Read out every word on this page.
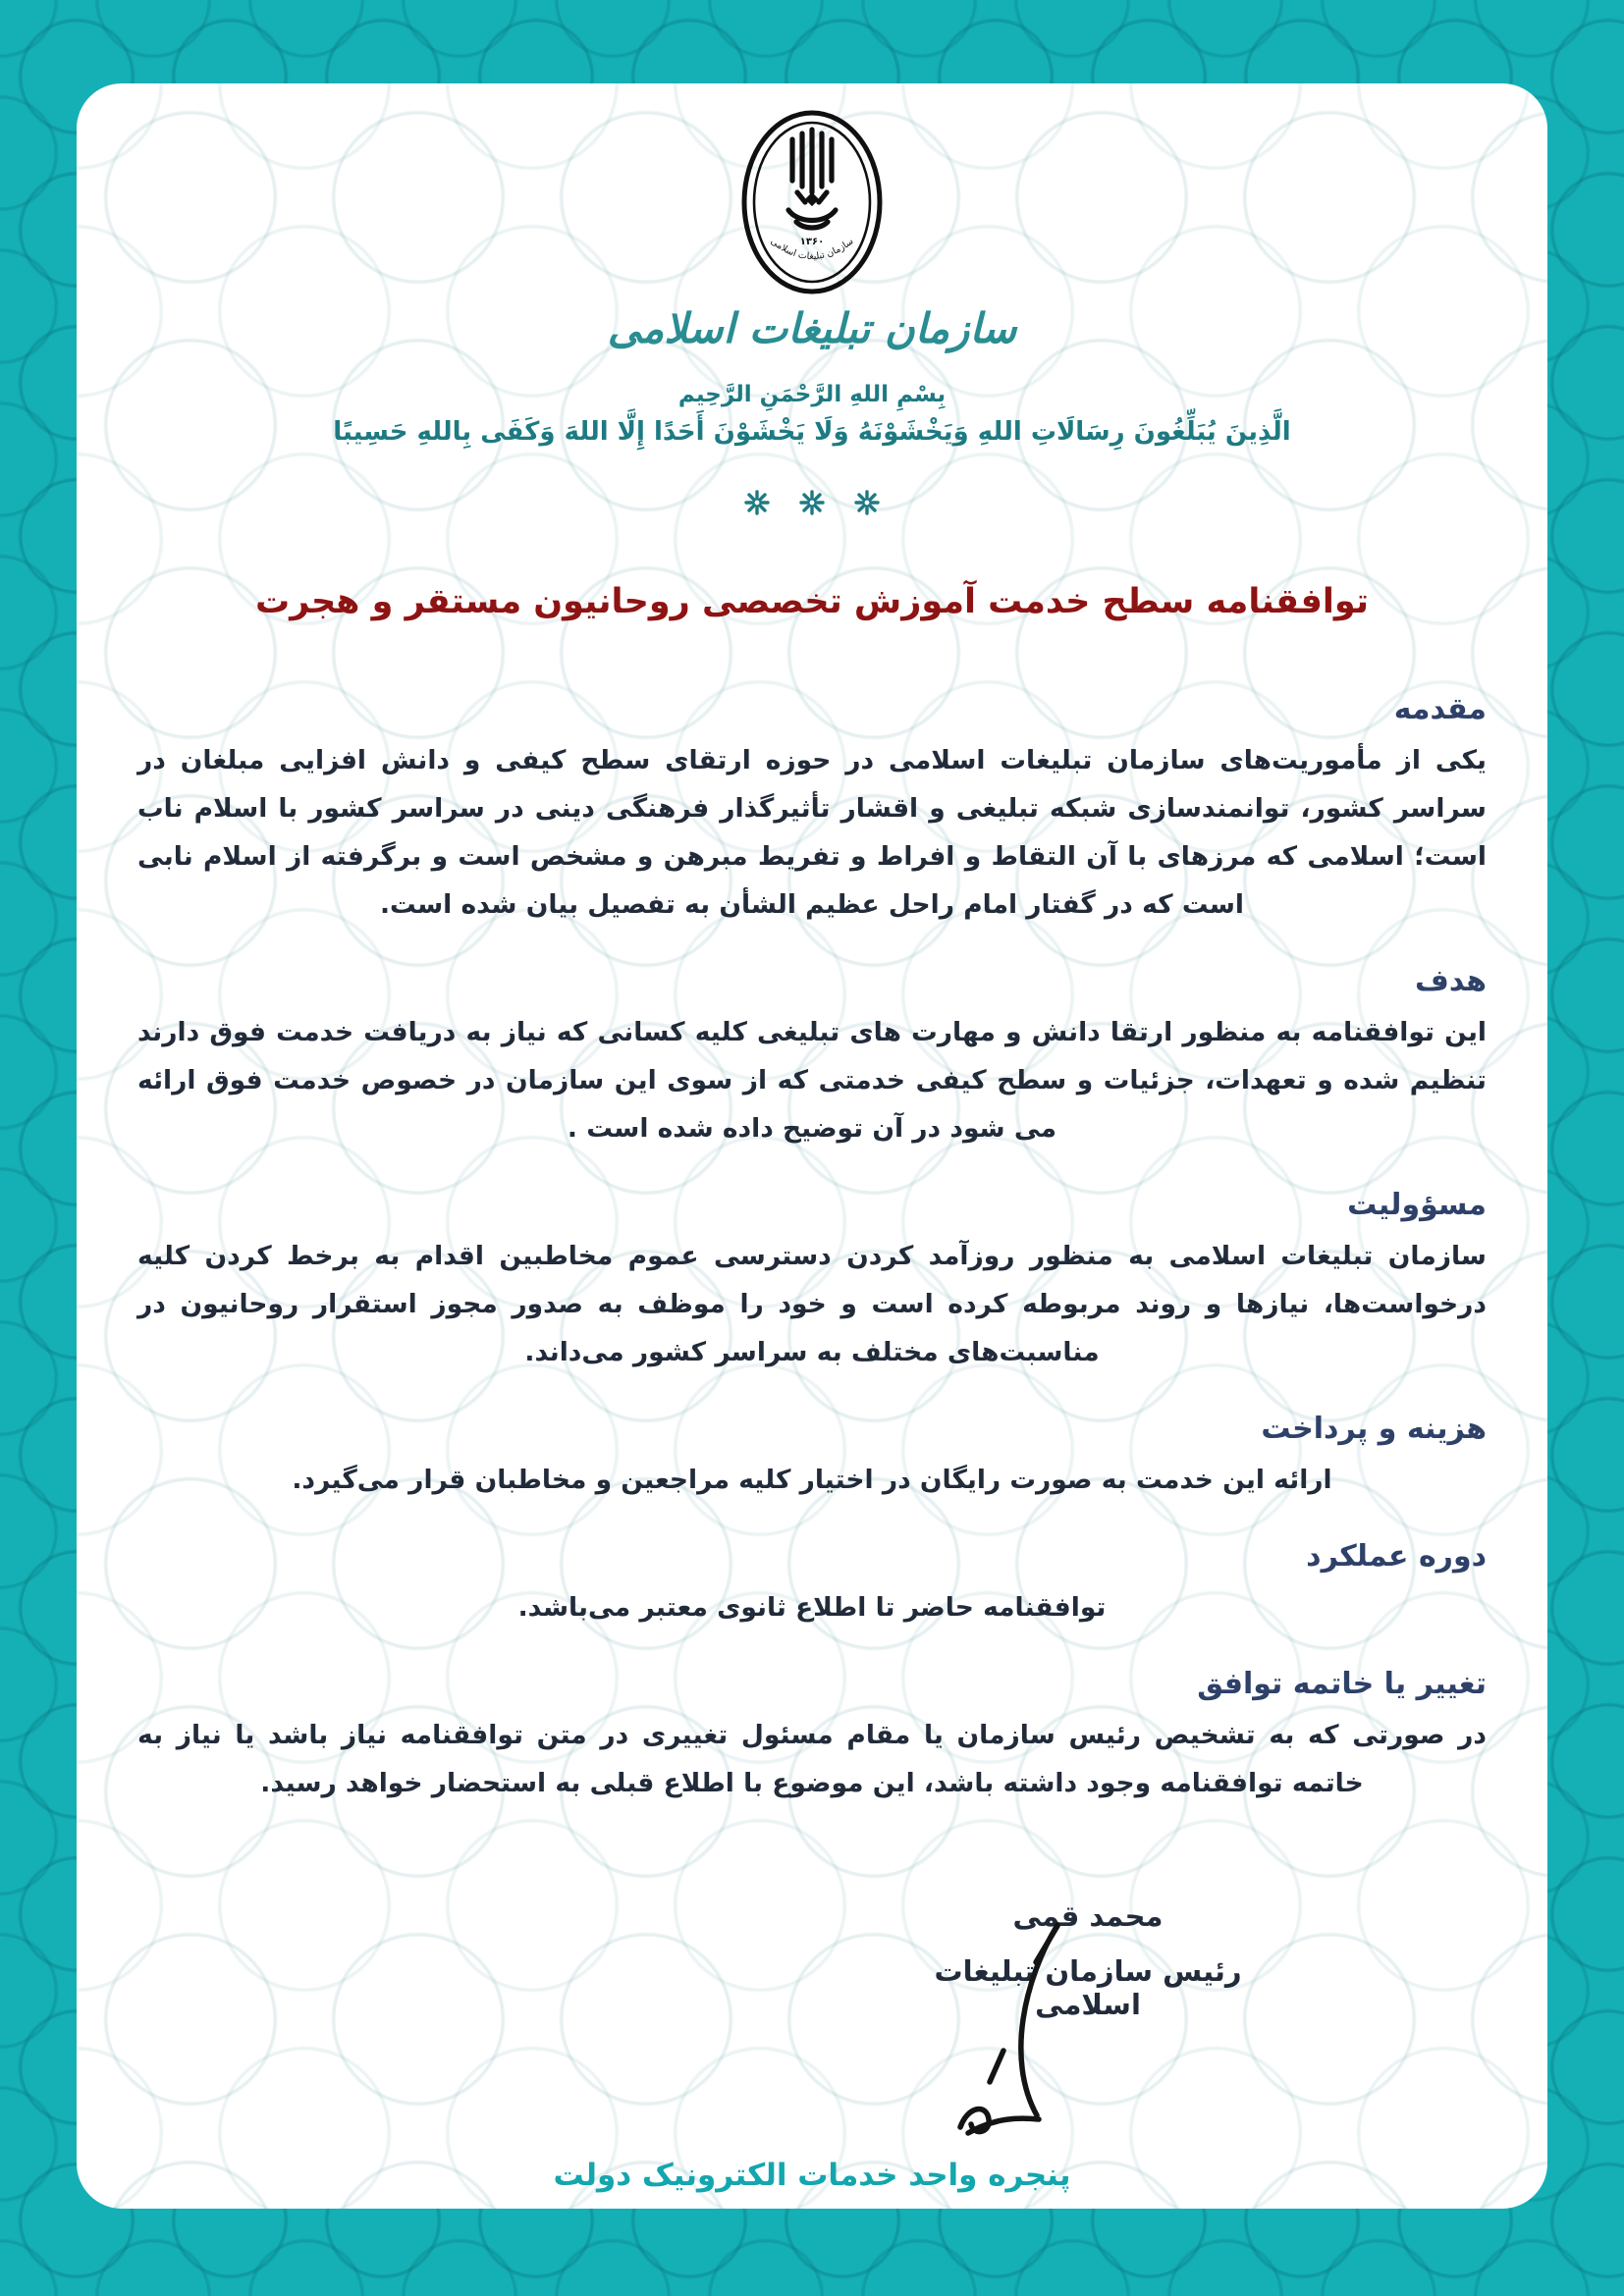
۱۳۶۰
سازمان تبلیغات اسلامی
سازمان تبلیغات اسلامی
بِسْمِ اللهِ الرَّحْمَنِ الرَّحِيم
الَّذِينَ يُبَلِّغُونَ رِسَالَاتِ اللهِ وَيَخْشَوْنَهُ وَلَا يَخْشَوْنَ أَحَدًا إِلَّا اللهَ وَكَفَى بِاللهِ حَسِيبًا
توافقنامه سطح خدمت آموزش تخصصی روحانیون مستقر و هجرت
مقدمه

یکی از مأموریت‌های سازمان تبلیغات اسلامی در حوزه ارتقای سطح کیفی و دانش افزایی مبلغان در سراسر کشور، توانمندسازی شبکه تبلیغی و اقشار تأثیرگذار فرهنگی دینی در سراسر کشور با اسلام ناب است؛ اسلامی که مرزهای با آن التقاط و افراط و تفریط مبرهن و مشخص است و برگرفته از اسلام نابی است که در گفتار امام راحل عظیم الشأن به تفصیل بیان شده است.

هدف

این توافقنامه به منظور ارتقا دانش و مهارت های تبلیغی کلیه کسانی که نیاز به دریافت خدمت فوق دارند تنظیم شده و تعهدات، جزئیات و سطح کیفی خدمتی که از سوی این سازمان در خصوص خدمت فوق ارائه می شود در آن توضیح داده شده است .

مسؤولیت

سازمان تبلیغات اسلامی به منظور روزآمد کردن دسترسی عموم مخاطبین اقدام به برخط کردن کلیه درخواست‌ها، نیازها و روند مربوطه کرده است و خود را موظف به صدور مجوز استقرار روحانیون در مناسبت‌های مختلف به سراسر کشور می‌داند.

هزینه و پرداخت

ارائه این خدمت به صورت رایگان در اختیار کلیه مراجعین و مخاطبان قرار می‌گیرد.

دوره عملکرد

توافقنامه حاضر تا اطلاع ثانوی معتبر می‌باشد.

تغییر یا خاتمه توافق

در صورتی که به تشخیص رئیس سازمان یا مقام مسئول تغییری در متن توافقنامه نیاز باشد یا نیاز به خاتمه توافقنامه وجود داشته باشد، این موضوع با اطلاع قبلی به استحضار خواهد رسید.

محمد قمی
رئیس سازمان تبلیغات اسلامی
پنجره واحد خدمات الکترونیک دولت
